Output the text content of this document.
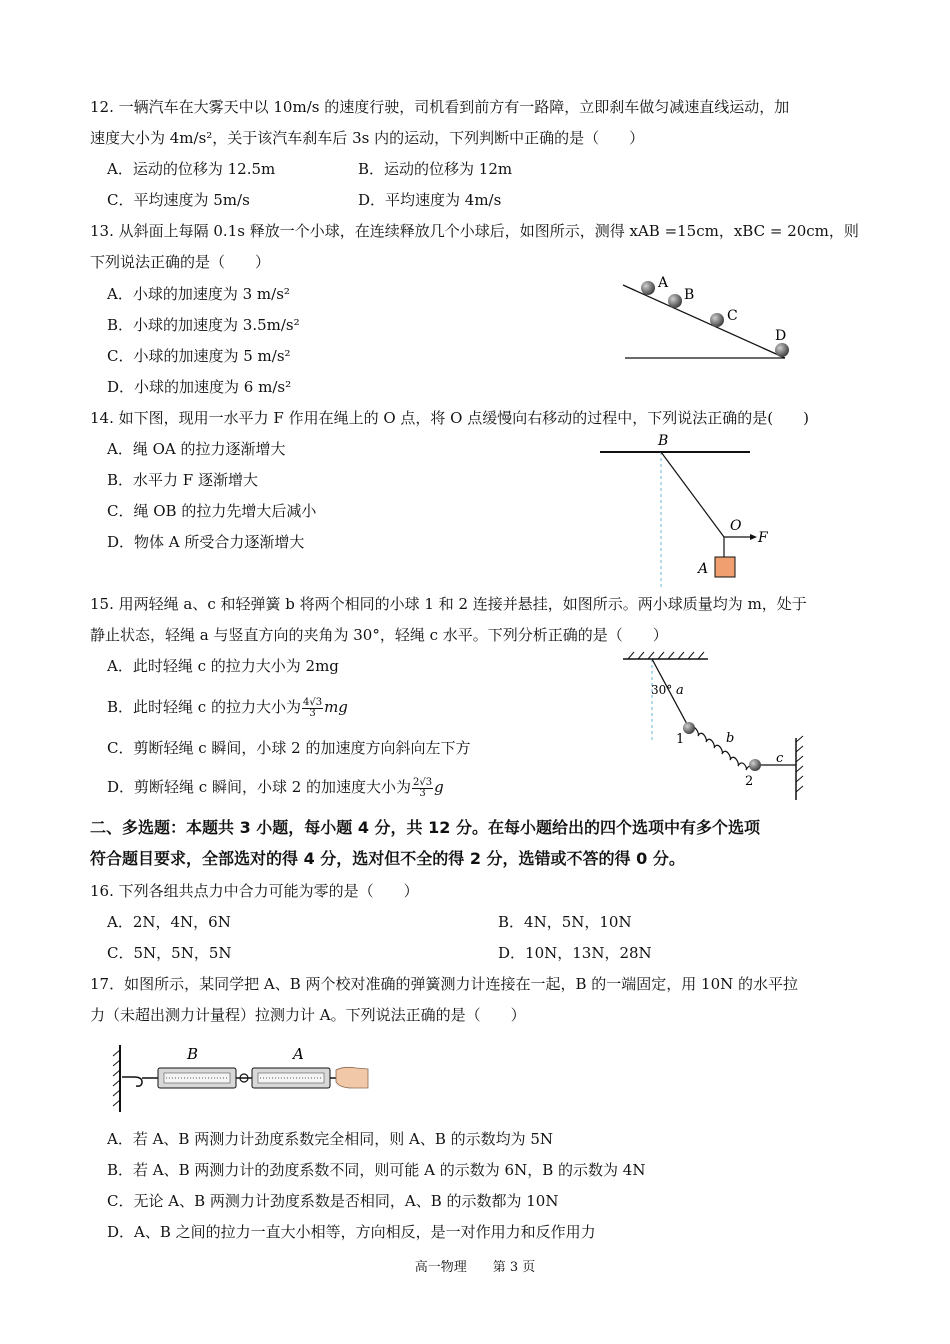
12. 一辆汽车在大雾天中以 10m/s 的速度行驶，司机看到前方有一路障，立即刹车做匀减速直线运动，加
速度大小为 4m/s²，关于该汽车刹车后 3s 内的运动，下列判断中正确的是（　　）
A．运动的位移为 12.5m	B．运动的位移为 12m
C．平均速度为 5m/s	D．平均速度为 4m/s
13. 从斜面上每隔 0.1s 释放一个小球，在连续释放几个小球后，如图所示，测得 xAB =15cm，xBC = 20cm，则
下列说法正确的是（　　）
A．小球的加速度为 3 m/s²
B．小球的加速度为 3.5m/s²
C．小球的加速度为 5 m/s²
D．小球的加速度为 6 m/s²
A
B
C
D
14. 如下图，现用一水平力 F 作用在绳上的 O 点，将 O 点缓慢向右移动的过程中，下列说法正确的是(　　)
A．绳 OA 的拉力逐渐增大
B．水平力 F 逐渐增大
C．绳 OB 的拉力先增大后减小
D．物体 A 所受合力逐渐增大
B
O
F
A
15. 用两轻绳 a、c 和轻弹簧 b 将两个相同的小球 1 和 2 连接并悬挂，如图所示。两小球质量均为 m，处于
静止状态，轻绳 a 与竖直方向的夹角为 30°，轻绳 c 水平。下列分析正确的是（　　）
A．此时轻绳 c 的拉力大小为 2mg
B．此时轻绳 c 的拉力大小为 $\frac{4√3}{3}$ mg
C．剪断轻绳 c 瞬间，小球 2 的加速度方向斜向左下方
D．剪断轻绳 c 瞬间，小球 2 的加速度大小为 $\frac{2√3}{3}$ g
30° a
b
c
1
2
二、多选题：本题共 3 小题，每小题 4 分，共 12 分。在每小题给出的四个选项中有多个选项
符合题目要求，全部选对的得 4 分，选对但不全的得 2 分，选错或不答的得 0 分。
16. 下列各组共点力中合力可能为零的是（　　）
A．2N，4N，6N	B．4N，5N，10N
C．5N，5N，5N	D．10N，13N，28N
17．如图所示，某同学把 A、B 两个校对准确的弹簧测力计连接在一起，B 的一端固定，用 10N 的水平拉
力（未超出测力计量程）拉测力计 A。下列说法正确的是（　　）
B	A
A．若 A、B 两测力计劲度系数完全相同，则 A、B 的示数均为 5N
B．若 A、B 两测力计的劲度系数不同，则可能 A 的示数为 6N，B 的示数为 4N
C．无论 A、B 两测力计劲度系数是否相同，A、B 的示数都为 10N
D．A、B 之间的拉力一直大小相等，方向相反，是一对作用力和反作用力
高一物理　　第 3 页
